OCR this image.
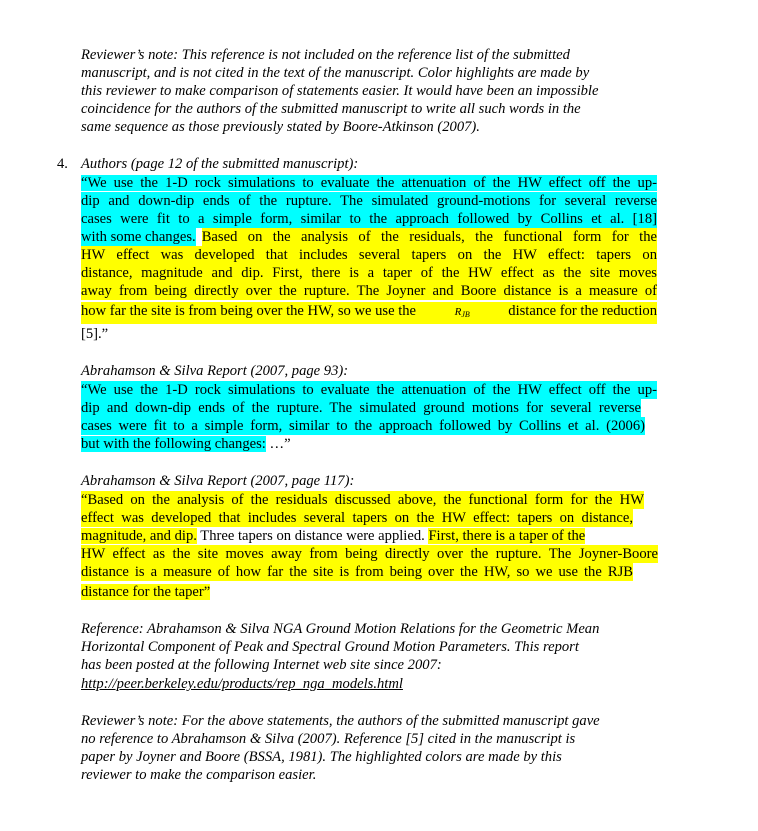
Reviewer’s note: This reference is not included on the reference list of the submitted
manuscript, and is not cited in the text of the manuscript. Color highlights are made by
this reviewer to make comparison of statements easier. It would have been an impossible
coincidence for the authors of the submitted manuscript to write all such words in the
same sequence as those previously stated by Boore-Atkinson (2007).
4. Authors (page 12 of the submitted manuscript):
“We use the 1-D rock simulations to evaluate the attenuation of the HW effect off the up-
dip and down-dip ends of the rupture. The simulated ground-motions for several reverse
cases were fit to a simple form, similar to the approach followed by Collins et al. [18]
with some changes. Based on the analysis of the residuals, the functional form for the
HW effect was developed that includes several tapers on the HW effect: tapers on
distance, magnitude and dip. First, there is a taper of the HW effect as the site moves
away from being directly over the rupture. The Joyner and Boore distance is a measure of
how far the site is from being over the HW, so we use the	$R_{JB}$	distance for the reduction
[5].”
Abrahamson & Silva Report (2007, page 93):
“We use the 1-D rock simulations to evaluate the attenuation of the HW effect off the up-
dip and down-dip ends of the rupture. The simulated ground motions for several reverse
cases were fit to a simple form, similar to the approach followed by Collins et al. (2006)
but with the following changes: …”
Abrahamson & Silva Report (2007, page 117):
“Based on the analysis of the residuals discussed above, the functional form for the HW
effect was developed that includes several tapers on the HW effect: tapers on distance,
magnitude, and dip. Three tapers on distance were applied. First, there is a taper of the
HW effect as the site moves away from being directly over the rupture. The Joyner-Boore
distance is a measure of how far the site is from being over the HW, so we use the RJB
distance for the taper”
Reference: Abrahamson & Silva NGA Ground Motion Relations for the Geometric Mean
Horizontal Component of Peak and Spectral Ground Motion Parameters. This report
has been posted at the following Internet web site since 2007:
http://peer.berkeley.edu/products/rep_nga_models.html
Reviewer’s note: For the above statements, the authors of the submitted manuscript gave
no reference to Abrahamson & Silva (2007). Reference [5] cited in the manuscript is
paper by Joyner and Boore (BSSA, 1981). The highlighted colors are made by this
reviewer to make the comparison easier.
